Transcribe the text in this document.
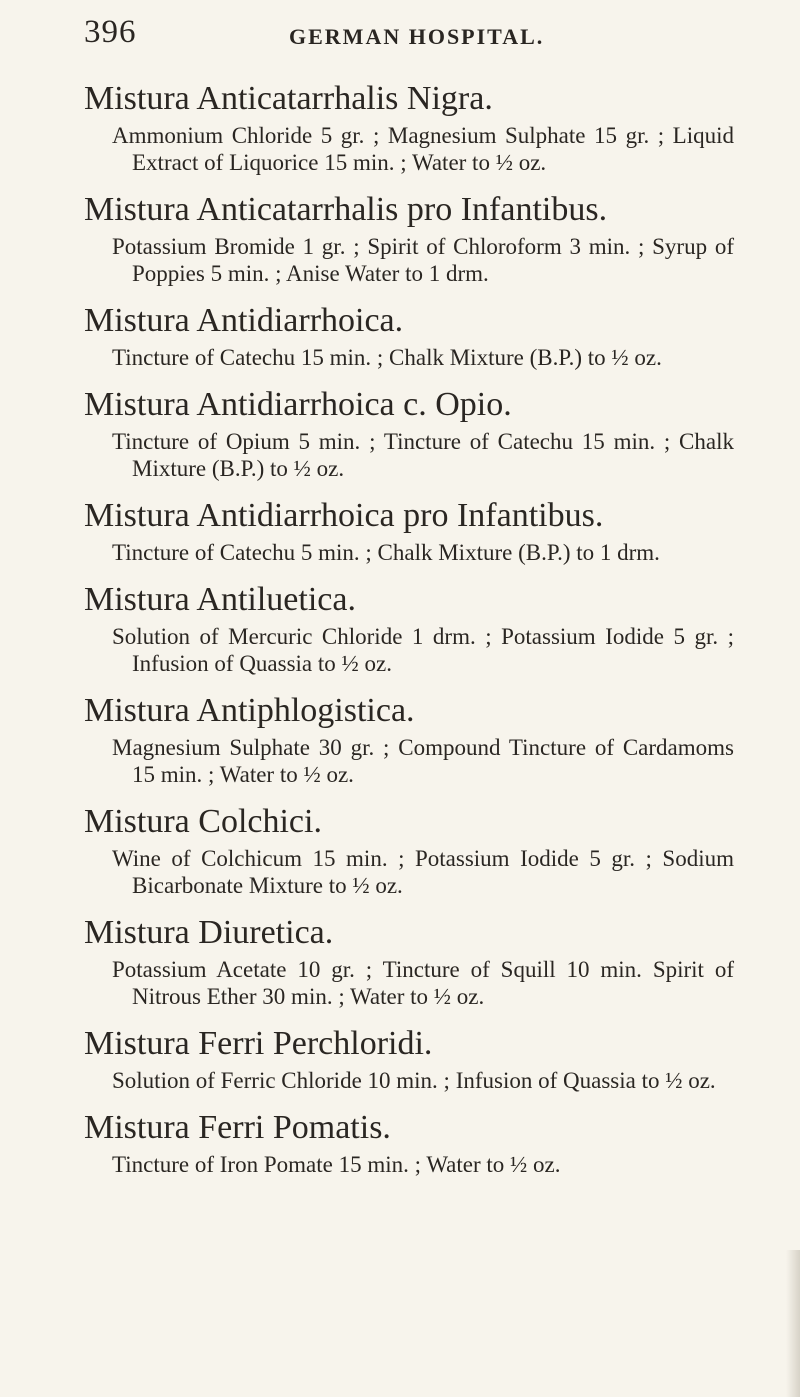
396	GERMAN HOSPITAL.
Mistura Anticatarrhalis Nigra.

Ammonium Chloride 5 gr. ; Magnesium Sulphate 15 gr. ; Liquid Extract of Liquorice 15 min. ; Water to ½ oz.

Mistura Anticatarrhalis pro Infantibus.

Potassium Bromide 1 gr. ; Spirit of Chloroform 3 min. ; Syrup of Poppies 5 min. ; Anise Water to 1 drm.

Mistura Antidiarrhoica.

Tincture of Catechu 15 min. ; Chalk Mixture (B.P.) to ½ oz.

Mistura Antidiarrhoica c. Opio.

Tincture of Opium 5 min. ; Tincture of Catechu 15 min. ; Chalk Mixture (B.P.) to ½ oz.

Mistura Antidiarrhoica pro Infantibus.

Tincture of Catechu 5 min. ; Chalk Mixture (B.P.) to 1 drm.

Mistura Antiluetica.

Solution of Mercuric Chloride 1 drm. ; Potassium Iodide 5 gr. ; Infusion of Quassia to ½ oz.

Mistura Antiphlogistica.

Magnesium Sulphate 30 gr. ; Compound Tincture of Cardamoms 15 min. ; Water to ½ oz.

Mistura Colchici.

Wine of Colchicum 15 min. ; Potassium Iodide 5 gr. ; Sodium Bicarbonate Mixture to ½ oz.

Mistura Diuretica.

Potassium Acetate 10 gr. ; Tincture of Squill 10 min. Spirit of Nitrous Ether 30 min. ; Water to ½ oz.

Mistura Ferri Perchloridi.

Solution of Ferric Chloride 10 min. ; Infusion of Quassia to ½ oz.

Mistura Ferri Pomatis.

Tincture of Iron Pomate 15 min. ; Water to ½ oz.
